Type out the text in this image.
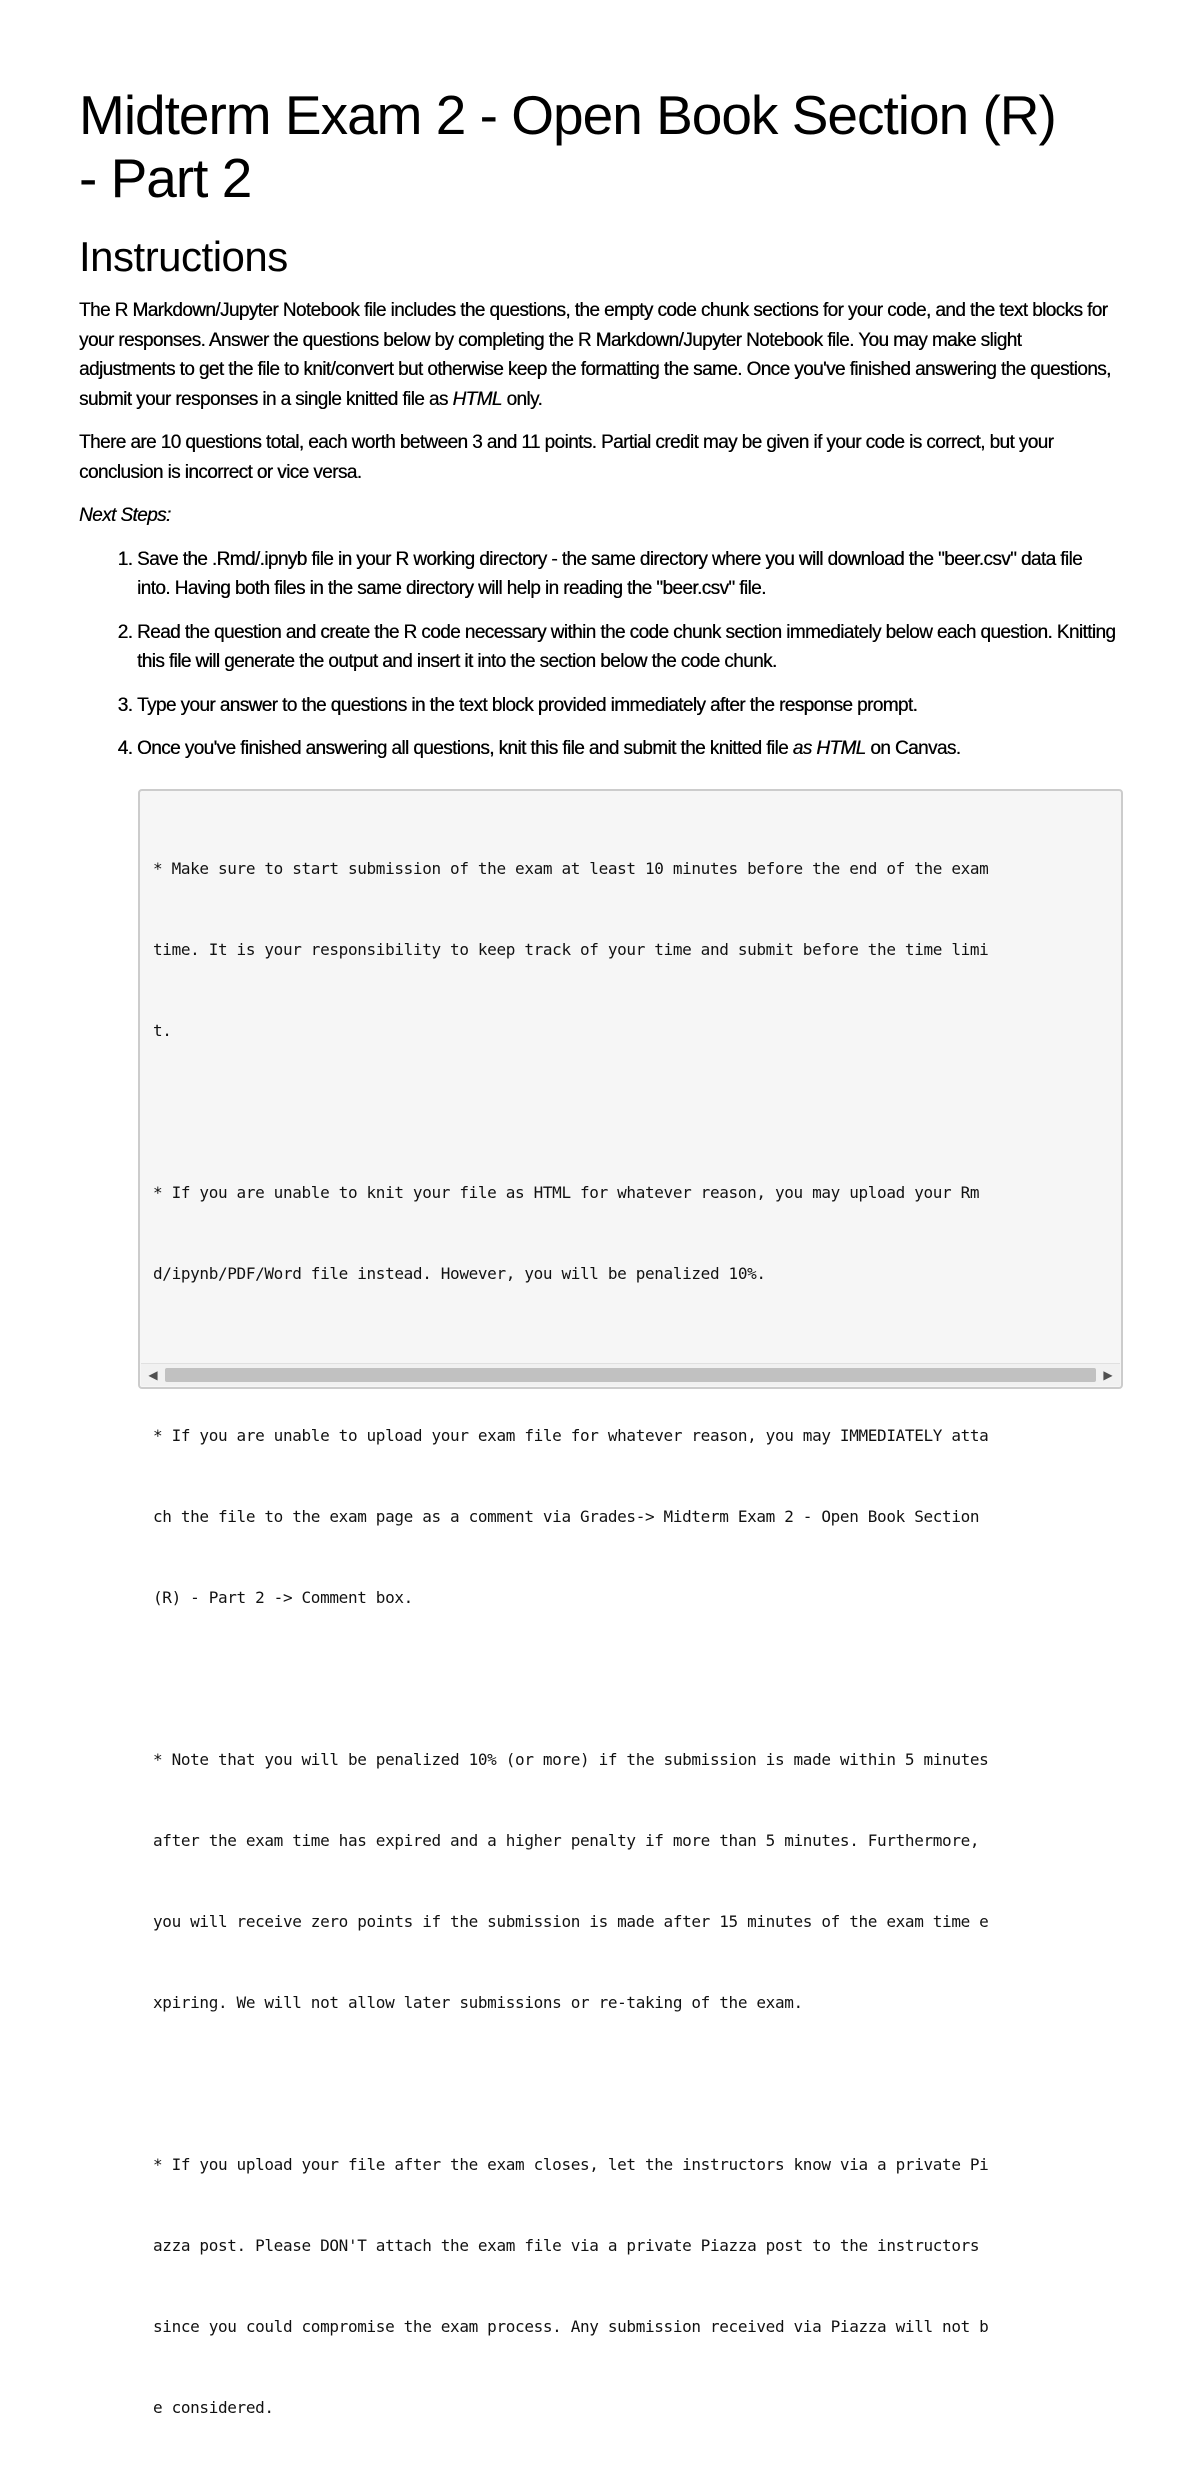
Midterm Exam 2 - Open Book Section (R)
- Part 2
Instructions

The R Markdown/Jupyter Notebook file includes the questions, the empty code chunk sections for your code, and the text blocks for your responses. Answer the questions below by completing the R Markdown/Jupyter Notebook file. You may make slight adjustments to get the file to knit/convert but otherwise keep the formatting the same. Once you've finished answering the questions, submit your responses in a single knitted file as HTML only.

There are 10 questions total, each worth between 3 and 11 points. Partial credit may be given if your code is correct, but your conclusion is incorrect or vice versa.

Next Steps:

1. Save the .Rmd/.ipnyb file in your R working directory - the same directory where you will download the "beer.csv" data file into. Having both files in the same directory will help in reading the "beer.csv" file.
2. Read the question and create the R code necessary within the code chunk section immediately below each question. Knitting this file will generate the output and insert it into the section below the code chunk.
3. Type your answer to the questions in the text block provided immediately after the response prompt.
4. Once you've finished answering all questions, knit this file and submit the knitted file as HTML on Canvas.

* Make sure to start submission of the exam at least 10 minutes before the end of the exam

time. It is your responsibility to keep track of your time and submit before the time limi

t.

* If you are unable to knit your file as HTML for whatever reason, you may upload your Rm

d/ipynb/PDF/Word file instead. However, you will be penalized 10%.

* If you are unable to upload your exam file for whatever reason, you may IMMEDIATELY atta

ch the file to the exam page as a comment via Grades-> Midterm Exam 2 - Open Book Section

(R) - Part 2 -> Comment box.

* Note that you will be penalized 10% (or more) if the submission is made within 5 minutes

after the exam time has expired and a higher penalty if more than 5 minutes. Furthermore,

you will receive zero points if the submission is made after 15 minutes of the exam time e

xpiring. We will not allow later submissions or re-taking of the exam.

* If you upload your file after the exam closes, let the instructors know via a private Pi

azza post. Please DON'T attach the exam file via a private Piazza post to the instructors

since you could compromise the exam process. Any submission received via Piazza will not b

e considered.

◀	▶
